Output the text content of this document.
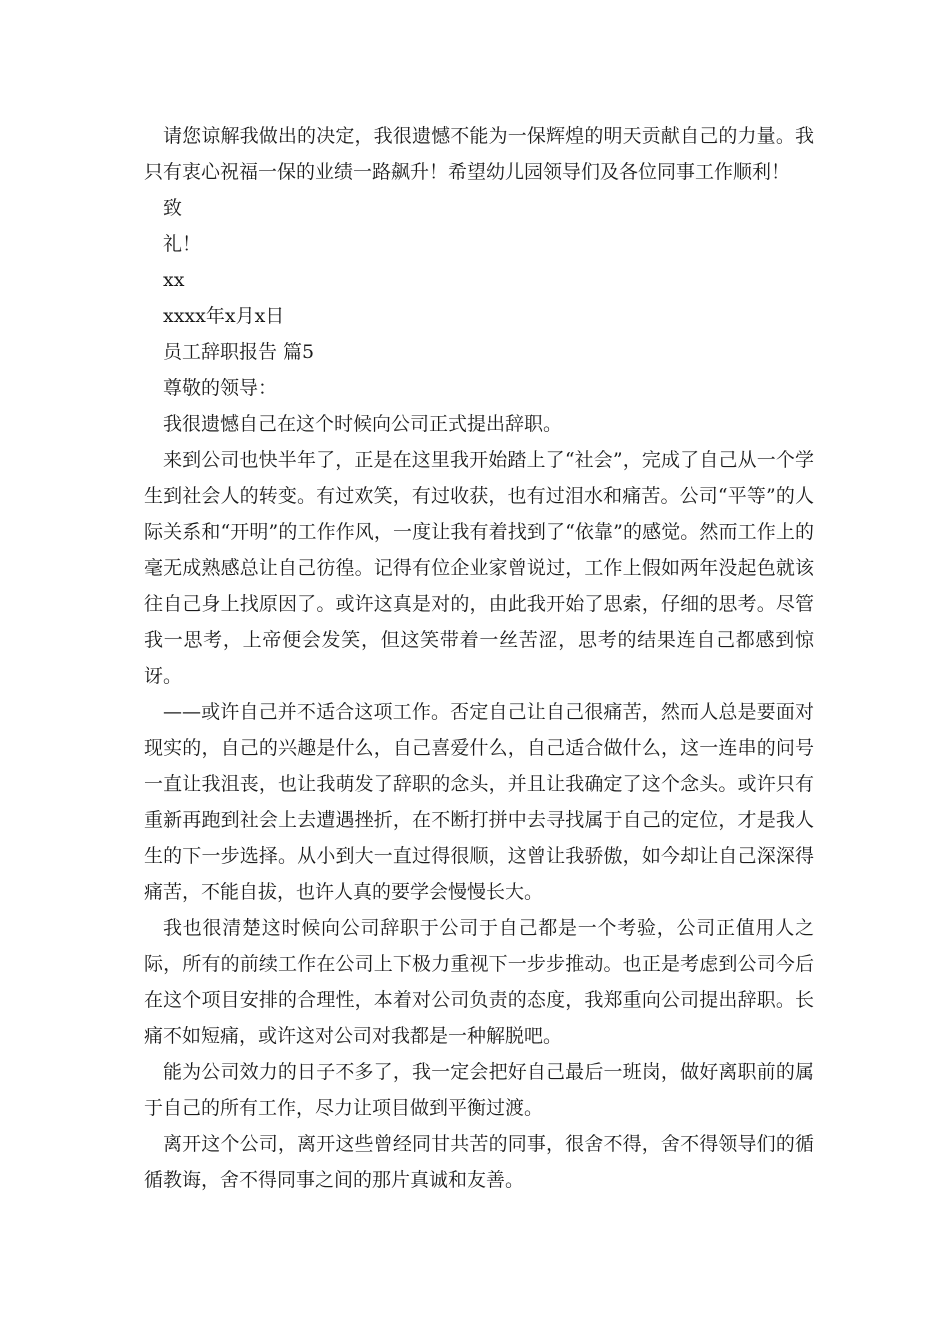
请您谅解我做出的决定，我很遗憾不能为一保辉煌的明天贡献自己的力量。我只有衷心祝福一保的业绩一路飙升！希望幼儿园领导们及各位同事工作顺利！

致

礼！

xx

xxxx年x月x日

员工辞职报告 篇5

尊敬的领导：

我很遗憾自己在这个时候向公司正式提出辞职。

来到公司也快半年了，正是在这里我开始踏上了“社会”，完成了自己从一个学生到社会人的转变。有过欢笑，有过收获，也有过泪水和痛苦。公司“平等”的人际关系和“开明”的工作作风，一度让我有着找到了“依靠”的感觉。然而工作上的毫无成熟感总让自己彷徨。记得有位企业家曾说过，工作上假如两年没起色就该往自己身上找原因了。或许这真是对的，由此我开始了思索，仔细的思考。尽管我一思考，上帝便会发笑，但这笑带着一丝苦涩，思考的结果连自己都感到惊讶。

——或许自己并不适合这项工作。否定自己让自己很痛苦，然而人总是要面对现实的，自己的兴趣是什么，自己喜爱什么，自己适合做什么，这一连串的问号一直让我沮丧，也让我萌发了辞职的念头，并且让我确定了这个念头。或许只有重新再跑到社会上去遭遇挫折，在不断打拼中去寻找属于自己的定位，才是我人生的下一步选择。从小到大一直过得很顺，这曾让我骄傲，如今却让自己深深得痛苦，不能自拔，也许人真的要学会慢慢长大。

我也很清楚这时候向公司辞职于公司于自己都是一个考验，公司正值用人之际，所有的前续工作在公司上下极力重视下一步步推动。也正是考虑到公司今后在这个项目安排的合理性，本着对公司负责的态度，我郑重向公司提出辞职。长痛不如短痛，或许这对公司对我都是一种解脱吧。

能为公司效力的日子不多了，我一定会把好自己最后一班岗，做好离职前的属于自己的所有工作，尽力让项目做到平衡过渡。

离开这个公司，离开这些曾经同甘共苦的同事，很舍不得，舍不得领导们的循循教诲，舍不得同事之间的那片真诚和友善。
